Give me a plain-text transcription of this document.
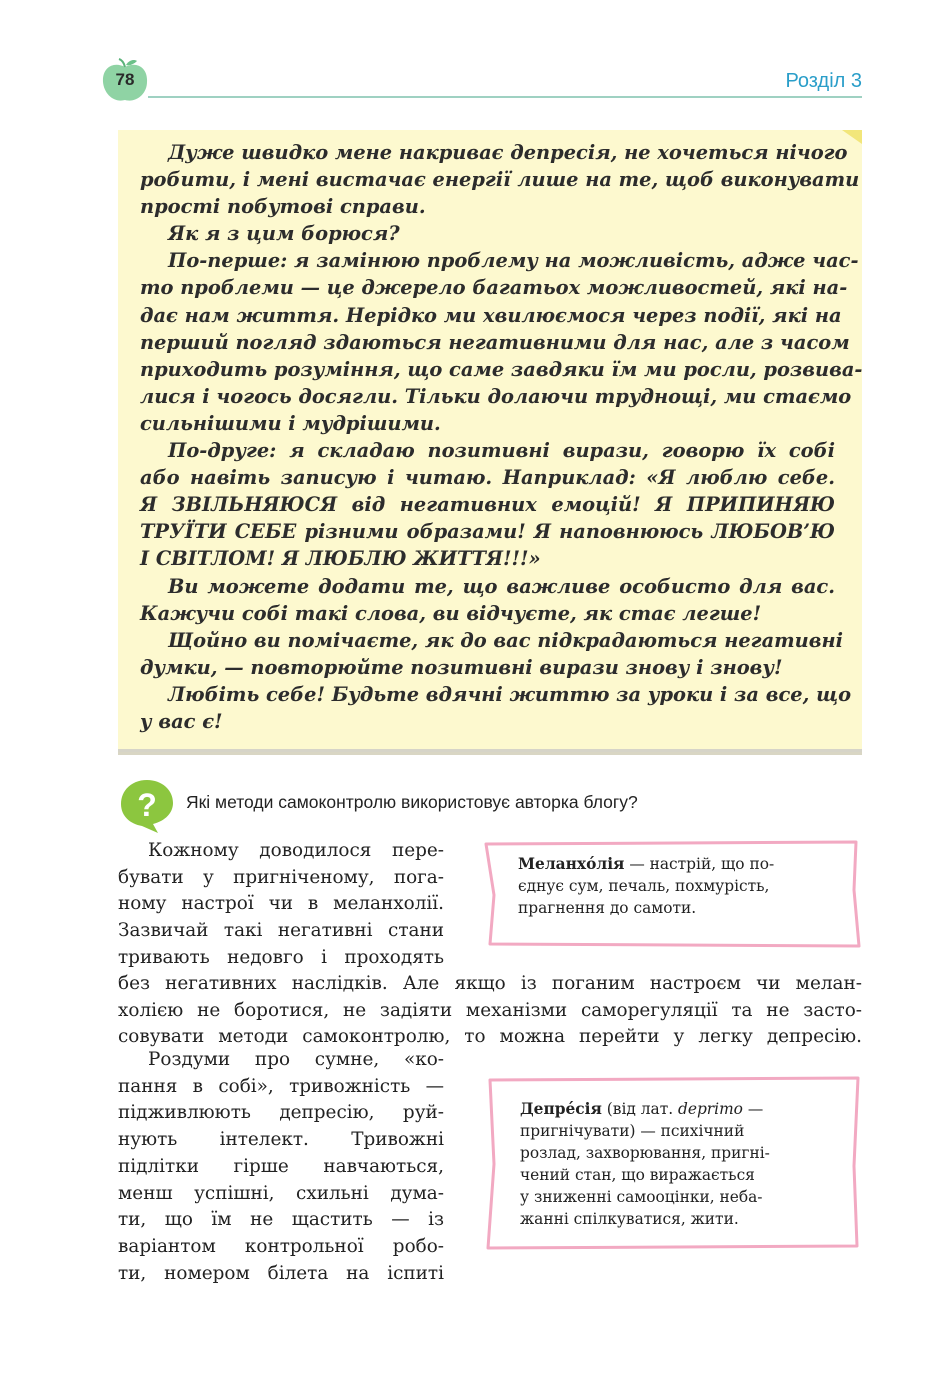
78	Розділ 3
Дуже швидко мене накриває депресія, не хочеться нічого
робити, і мені вистачає енергії лише на те, щоб виконувати
прості побутові справи.
Як я з цим борюся?
По-перше: я замінюю проблему на можливість, адже час-
то проблеми — це джерело багатьох можливостей, які на-
дає нам життя. Нерідко ми хвилюємося через події, які на
перший погляд здаються негативними для нас, але з часом
приходить розуміння, що саме завдяки їм ми росли, розвива-
лися і чогось досягли. Тільки долаючи труднощі, ми стаємо
сильнішими і мудрішими.
По-друге: я складаю позитивні вирази, говорю їх собі
або навіть записую і читаю. Наприклад: «Я люблю себе.
Я ЗВІЛЬНЯЮСЯ від негативних емоцій! Я ПРИПИНЯЮ
ТРУЇТИ СЕБЕ різними образами! Я наповнююсь ЛЮБОВ’Ю
І СВІТЛОМ! Я ЛЮБЛЮ ЖИТТЯ!!!»
Ви можете додати те, що важливе особисто для вас.
Кажучи собі такі слова, ви відчуєте, як стає легше!
Щойно ви помічаєте, як до вас підкрадаються негативні
думки, — повторюйте позитивні вирази знову і знову!
Любіть себе! Будьте вдячні життю за уроки і за все, що
у вас є!
? Які методи самоконтролю використовує авторка блогу?
Кожному доводилося пере-
бувати у пригніченому, пога-
ному настрої чи в меланхолії.
Зазвичай такі негативні стани
тривають недовго і проходять
без негативних наслідків. Але якщо із поганим настроєм чи мелан-
холією не боротися, не задіяти механізми саморегуляції та не засто-
совувати методи самоконтролю, то можна перейти у легку депресію.
Роздуми про сумне, «ко-
пання в собі», тривожність —
підживлюють депресію, руй-
нують інтелект. Тривожні
підлітки гірше навчаються,
менш успішні, схильні дума-
ти, що їм не щастить — із
варіантом контрольної робо-
ти, номером білета на іспиті
Меланхо́лія — настрій, що по-
єднує сум, печаль, похмурість,
прагнення до самоти.
Депре́сія (від лат. deprimo —
пригнічувати) — психічний
розлад, захворювання, пригні-
чений стан, що виражається
у зниженні самооцінки, неба-
жанні спілкуватися, жити.
